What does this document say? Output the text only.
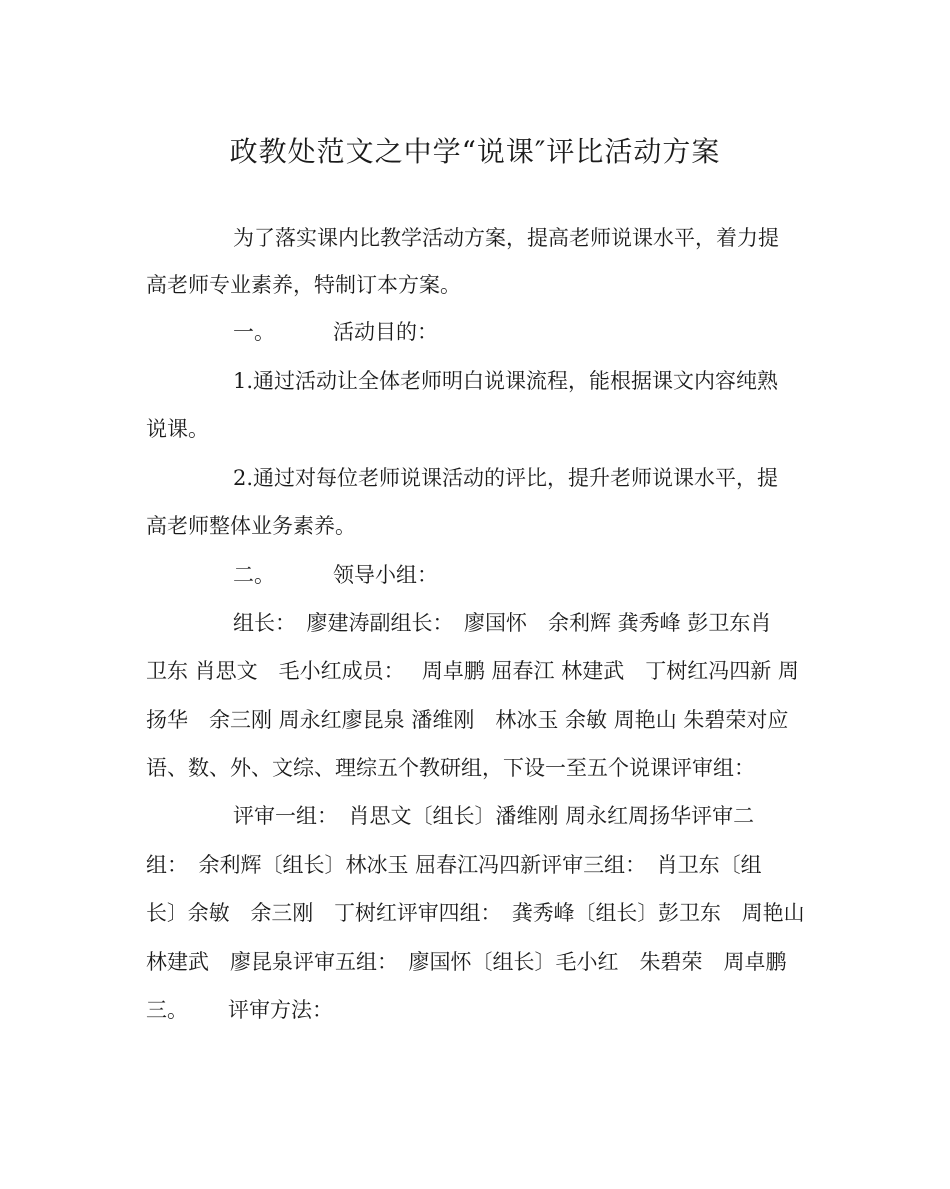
政教处范文之中学“说课″评比活动方案
为了落实课内比教学活动方案，提高老师说课水平，着力提
高老师专业素养，特制订本方案。
一。	活动目的：
1.通过活动让全体老师明白说课流程，能根据课文内容纯熟
说课。
2.通过对每位老师说课活动的评比，提升老师说课水平，提
高老师整体业务素养。
二。	领导小组：
组长：　廖建涛副组长：　廖国怀　余利辉 龚秀峰 彭卫东肖
卫东 肖思文　毛小红成员：　 周卓鹏 屈春江 林建武　丁树红冯四新 周
扬华　余三刚 周永红廖昆泉 潘维刚　林冰玉 余敏 周艳山 朱碧荣对应
语、数、外、文综、理综五个教研组，下设一至五个说课评审组：
评审一组：　肖思文〔组长〕潘维刚 周永红周扬华评审二
组：　余利辉〔组长〕林冰玉 屈春江冯四新评审三组：　肖卫东〔组
长〕余敏　余三刚　丁树红评审四组：　龚秀峰〔组长〕彭卫东　周艳山
林建武　廖昆泉评审五组：　廖国怀〔组长〕毛小红　朱碧荣　周卓鹏
三。 评审方法：
